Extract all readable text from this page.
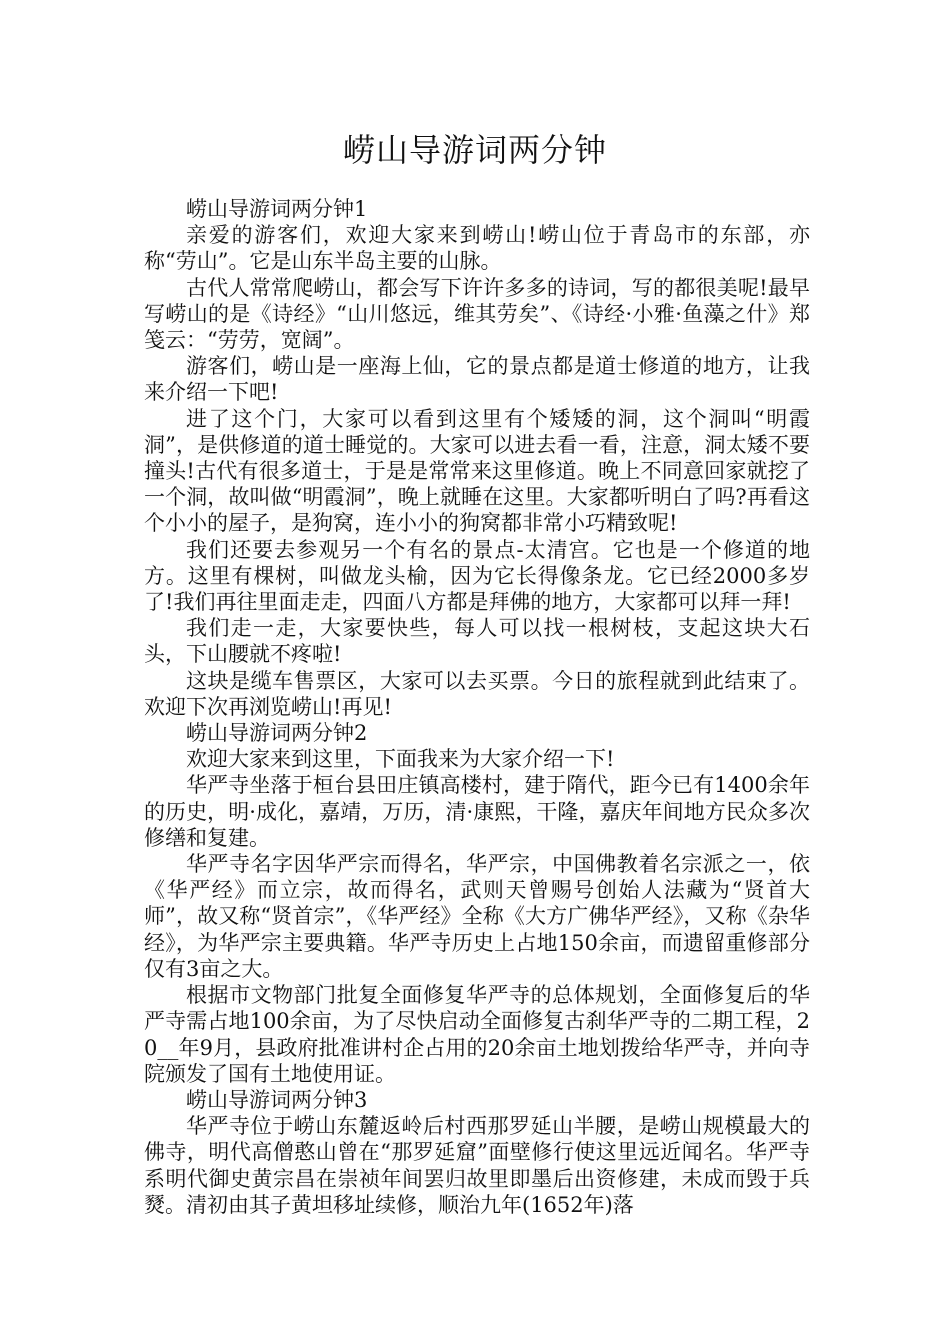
崂山导游词两分钟

崂山导游词两分钟1

亲爱的游客们，欢迎大家来到崂山!崂山位于青岛市的东部，亦称“劳山”。它是山东半岛主要的山脉。

古代人常常爬崂山，都会写下许许多多的诗词，写的都很美呢!最早写崂山的是《诗经》“山川悠远，维其劳矣”、《诗经·小雅·鱼藻之什》郑笺云：“劳劳，宽阔”。

游客们，崂山是一座海上仙，它的景点都是道士修道的地方，让我来介绍一下吧!

进了这个门，大家可以看到这里有个矮矮的洞，这个洞叫“明霞洞”，是供修道的道士睡觉的。大家可以进去看一看，注意，洞太矮不要撞头!古代有很多道士，于是是常常来这里修道。晚上不同意回家就挖了一个洞，故叫做“明霞洞”，晚上就睡在这里。大家都听明白了吗?再看这个小小的屋子，是狗窝，连小小的狗窝都非常小巧精致呢!

我们还要去参观另一个有名的景点-太清宫。它也是一个修道的地方。这里有棵树，叫做龙头榆，因为它长得像条龙。它已经2000多岁了!我们再往里面走走，四面八方都是拜佛的地方，大家都可以拜一拜!

我们走一走，大家要快些，每人可以找一根树枝，支起这块大石头，下山腰就不疼啦!

这块是缆车售票区，大家可以去买票。今日的旅程就到此结束了。欢迎下次再浏览崂山!再见!

崂山导游词两分钟2

欢迎大家来到这里，下面我来为大家介绍一下!

华严寺坐落于桓台县田庄镇高楼村，建于隋代，距今已有1400余年的历史，明·成化，嘉靖，万历，清·康熙，干隆，嘉庆年间地方民众多次修缮和复建。

华严寺名字因华严宗而得名，华严宗，中国佛教着名宗派之一，依《华严经》而立宗，故而得名，武则天曾赐号创始人法藏为“贤首大师”，故又称“贤首宗”，《华严经》全称《大方广佛华严经》，又称《杂华经》，为华严宗主要典籍。华严寺历史上占地150余亩，而遗留重修部分仅有3亩之大。

根据市文物部门批复全面修复华严寺的总体规划，全面修复后的华严寺需占地100余亩，为了尽快启动全面修复古刹华严寺的二期工程，20__年9月，县政府批准讲村企占用的20余亩土地划拨给华严寺，并向寺院颁发了国有土地使用证。

崂山导游词两分钟3

华严寺位于崂山东麓返岭后村西那罗延山半腰，是崂山规模最大的佛寺，明代高僧憨山曾在“那罗延窟”面壁修行使这里远近闻名。华严寺系明代御史黄宗昌在崇祯年间罢归故里即墨后出资修建，未成而毁于兵燹。清初由其子黄坦移址续修，顺治九年(1652年)落
